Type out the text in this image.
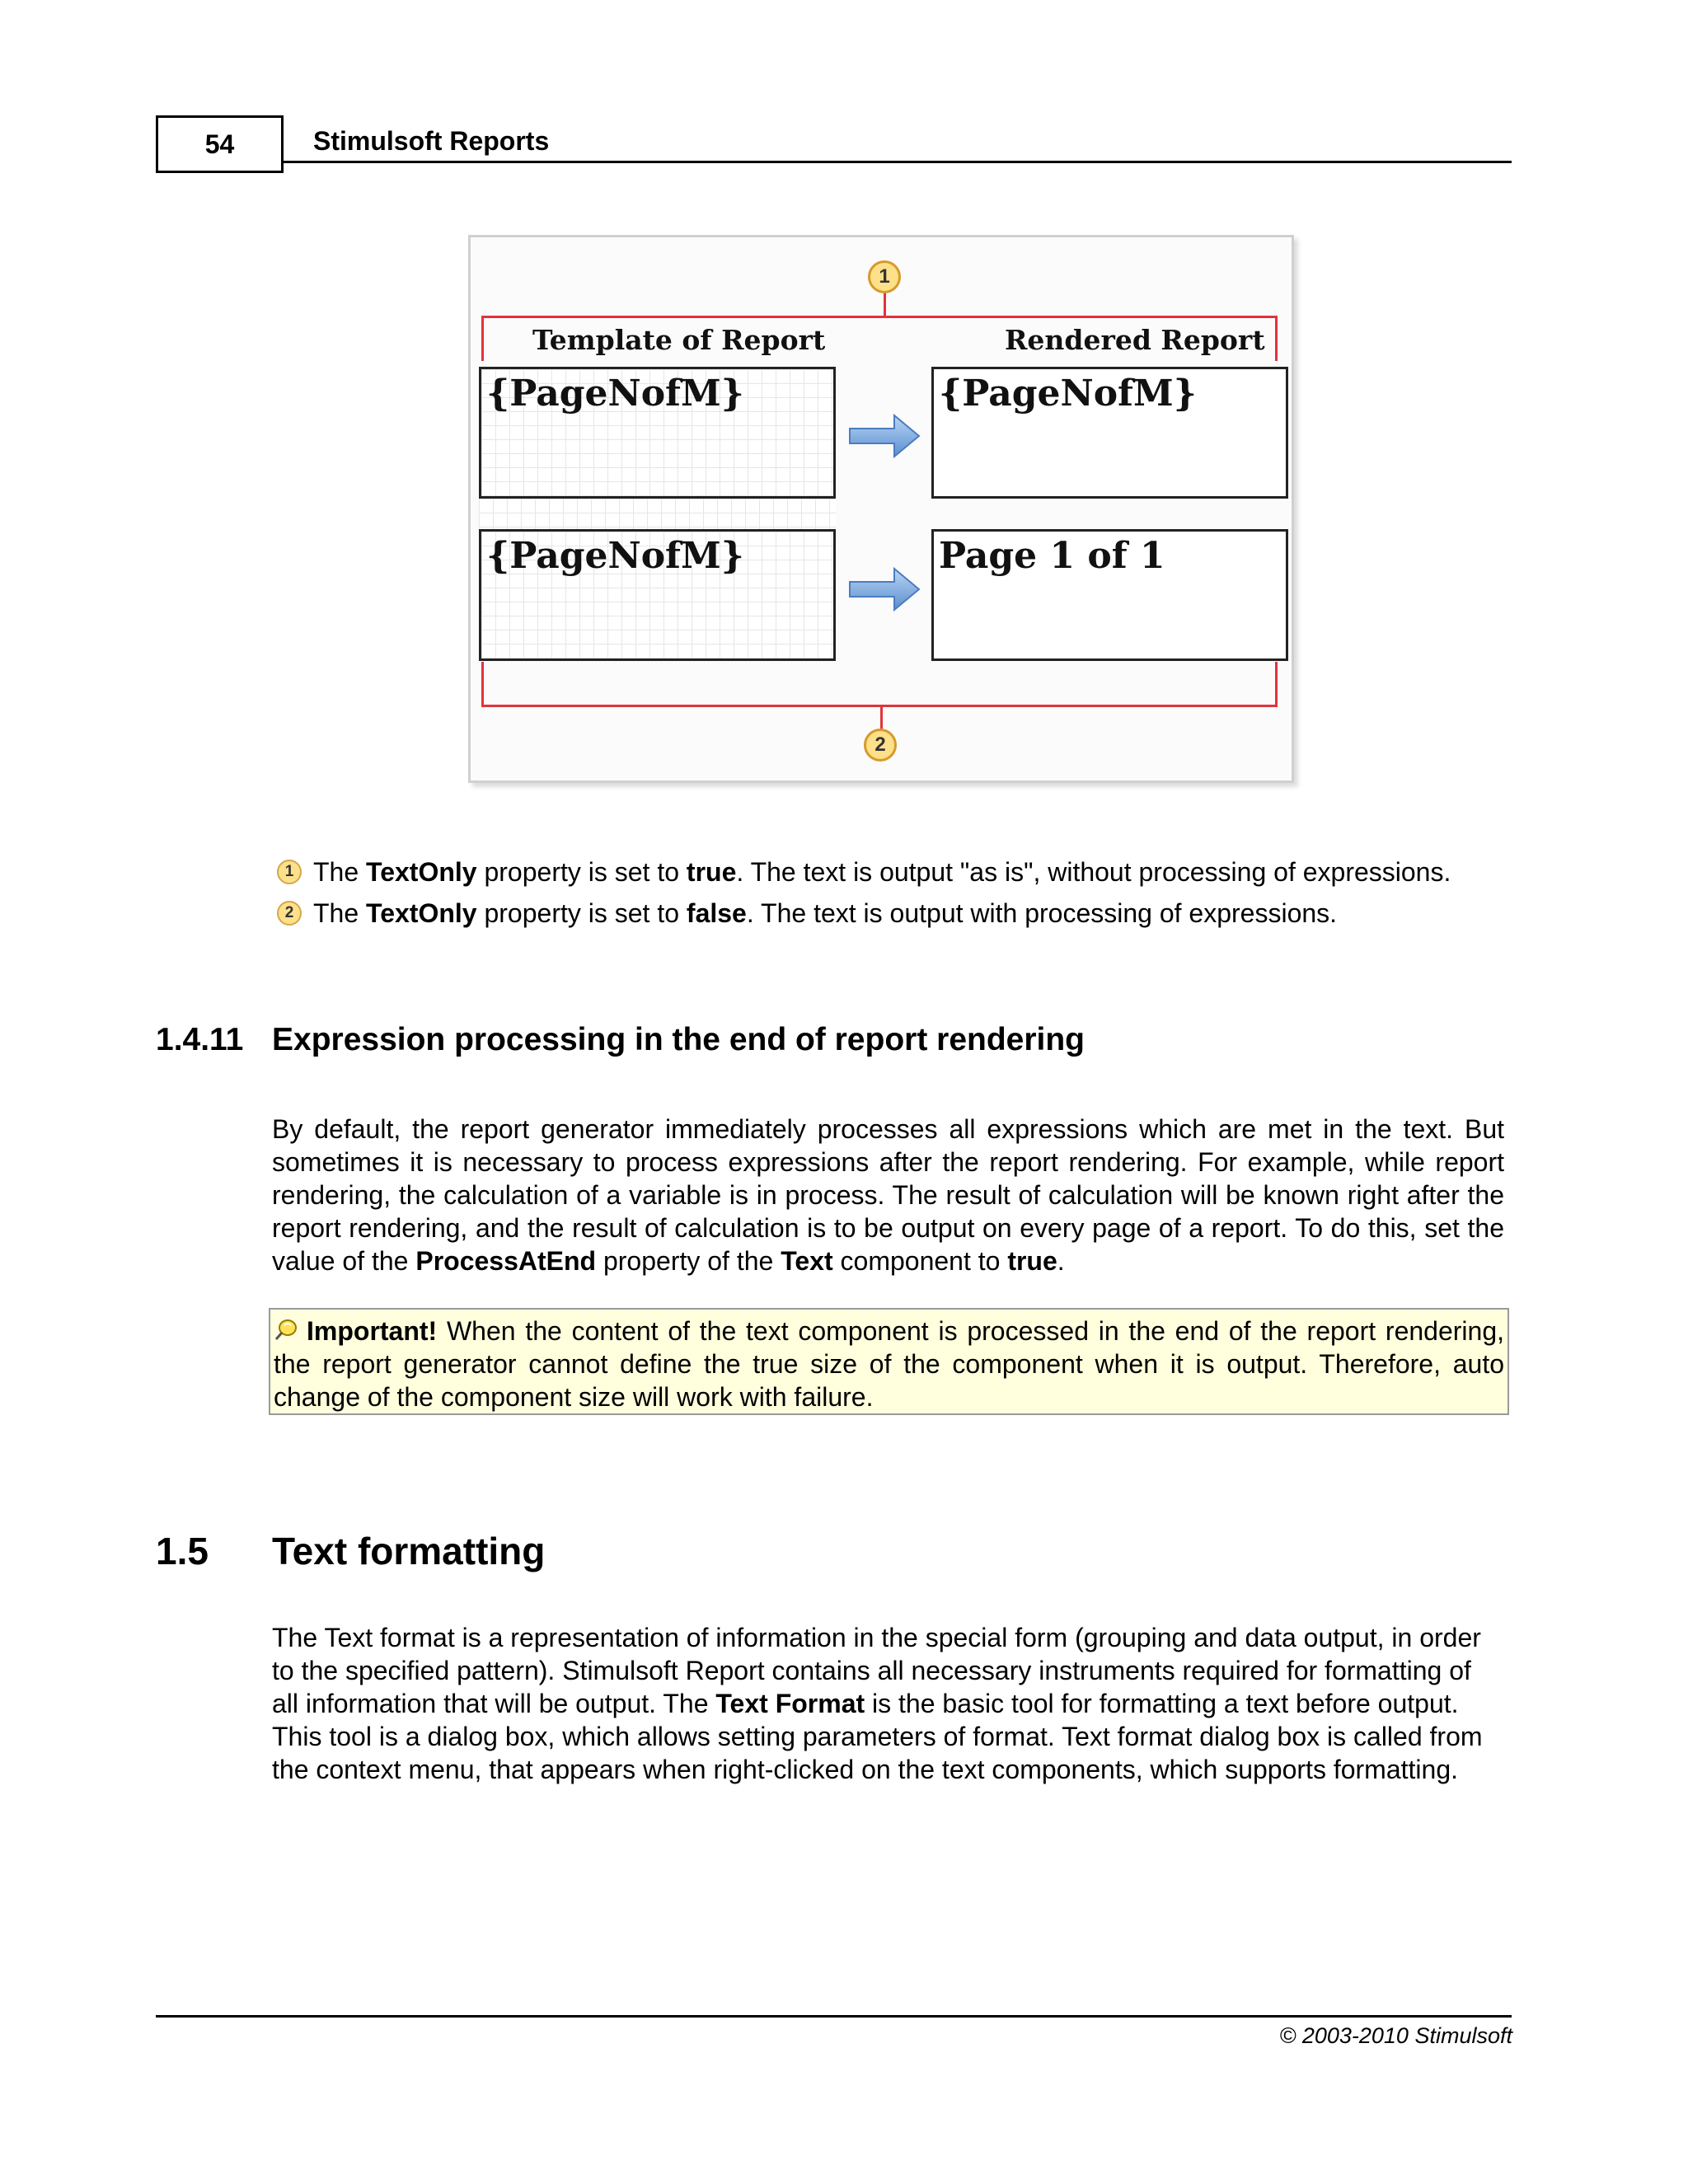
54	Stimulsoft Reports
1
Template of Report	Rendered Report
{PageNofM}	{PageNofM}
{PageNofM}	Page 1 of 1
2
1 The TextOnly property is set to true. The text is output "as is", without processing of expressions.
2 The TextOnly property is set to false. The text is output with processing of expressions.
1.4.11 Expression processing in the end of report rendering
By default, the report generator immediately processes all expressions which are met in the text. But
sometimes it is necessary to process expressions after the report rendering. For example, while report
rendering, the calculation of a variable is in process. The result of calculation will be known right after the
report rendering, and the result of calculation is to be output on every page of a report. To do this, set the
value of the ProcessAtEnd property of the Text component to true.
Important! When the content of the text component is processed in the end of the report rendering,
the report generator cannot define the true size of the component when it is output. Therefore, auto
change of the component size will work with failure.
1.5 Text formatting
The Text format is a representation of information in the special form (grouping and data output, in order
to the specified pattern). Stimulsoft Report contains all necessary instruments required for formatting of
all information that will be output. The Text Format is the basic tool for formatting a text before output.
This tool is a dialog box, which allows setting parameters of format. Text format dialog box is called from
the context menu, that appears when right-clicked on the text components, which supports formatting.
© 2003-2010 Stimulsoft
